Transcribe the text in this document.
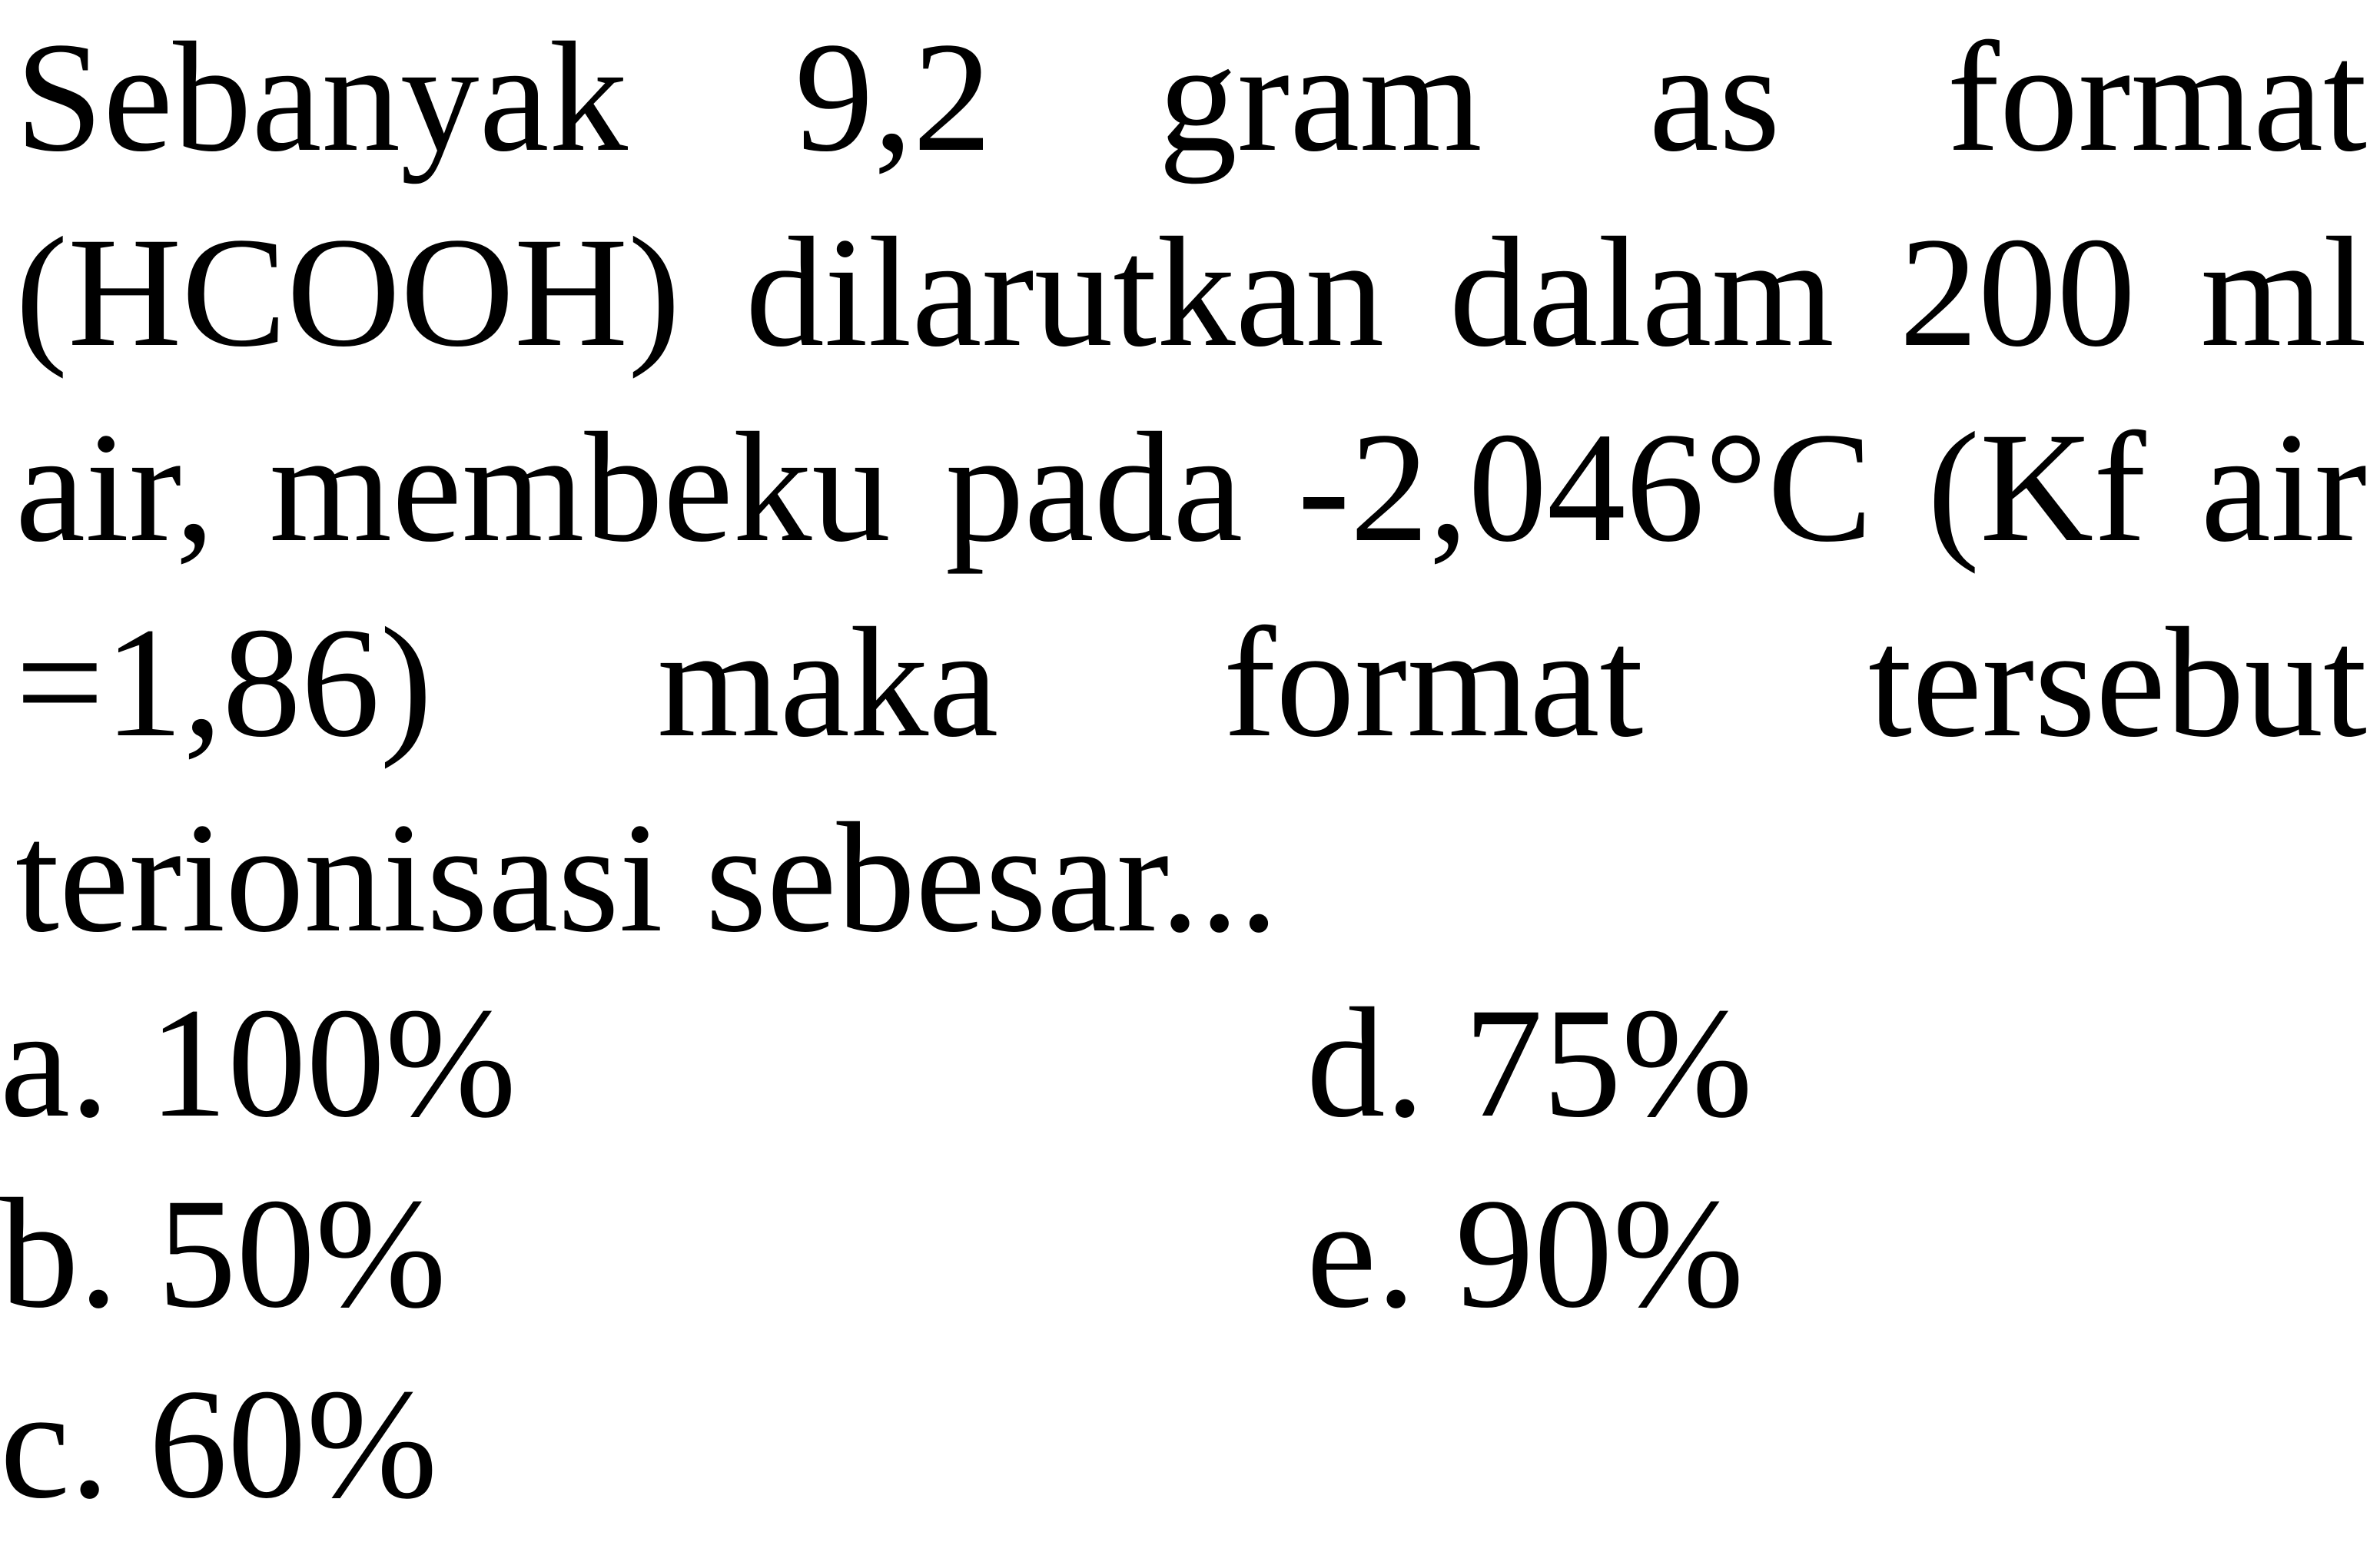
Sebanyak 9,2 gram as format (HCOOH) dilarutkan dalam 200 ml air, membeku pada -2,046°C (Kf air =1,86) maka format tersebut terionisasi sebesar...

a. 100%
b. 50%
c. 60%
d. 75%
e. 90%
